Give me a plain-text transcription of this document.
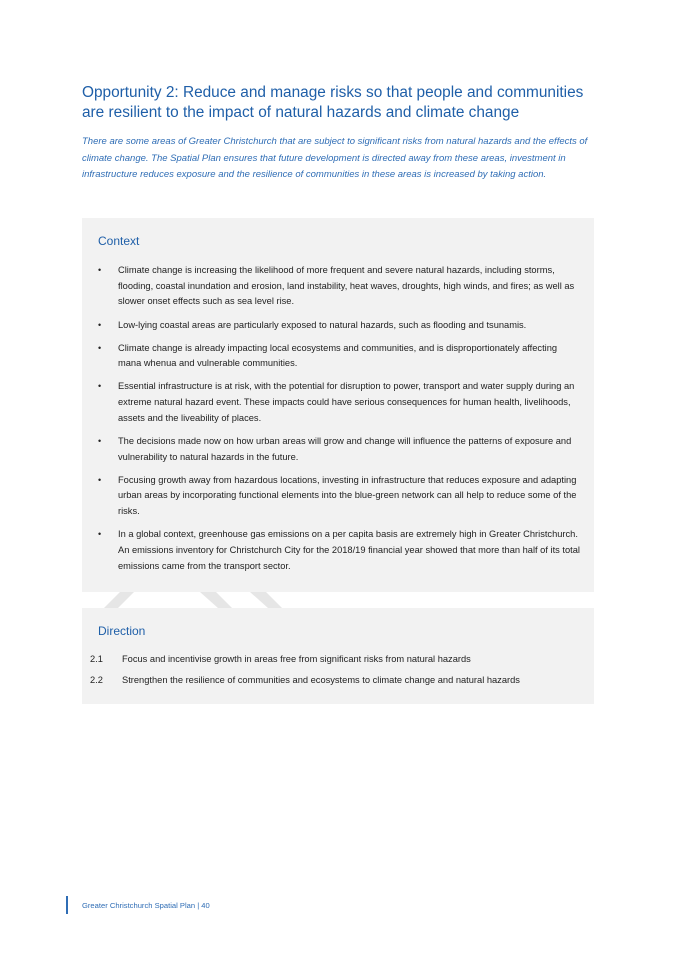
Opportunity 2: Reduce and manage risks so that people and communities are resilient to the impact of natural hazards and climate change

There are some areas of Greater Christchurch that are subject to significant risks from natural hazards and the effects of climate change. The Spatial Plan ensures that future development is directed away from these areas, investment in infrastructure reduces exposure and the resilience of communities in these areas is increased by taking action.

Context
• Climate change is increasing the likelihood of more frequent and severe natural hazards, including storms, flooding, coastal inundation and erosion, land instability, heat waves, droughts, high winds, and fires; as well as slower onset effects such as sea level rise.
• Low-lying coastal areas are particularly exposed to natural hazards, such as flooding and tsunamis.
• Climate change is already impacting local ecosystems and communities, and is disproportionately affecting mana whenua and vulnerable communities.
• Essential infrastructure is at risk, with the potential for disruption to power, transport and water supply during an extreme natural hazard event. These impacts could have serious consequences for human health, livelihoods, assets and the liveability of places.
• The decisions made now on how urban areas will grow and change will influence the patterns of exposure and vulnerability to natural hazards in the future.
• Focusing growth away from hazardous locations, investing in infrastructure that reduces exposure and adapting urban areas by incorporating functional elements into the blue-green network can all help to reduce some of the risks.
• In a global context, greenhouse gas emissions on a per capita basis are extremely high in Greater Christchurch. An emissions inventory for Christchurch City for the 2018/19 financial year showed that more than half of its total emissions came from the transport sector.
Direction
2.1 Focus and incentivise growth in areas free from significant risks from natural hazards
2.2 Strengthen the resilience of communities and ecosystems to climate change and natural hazards
Greater Christchurch Spatial Plan | 40
